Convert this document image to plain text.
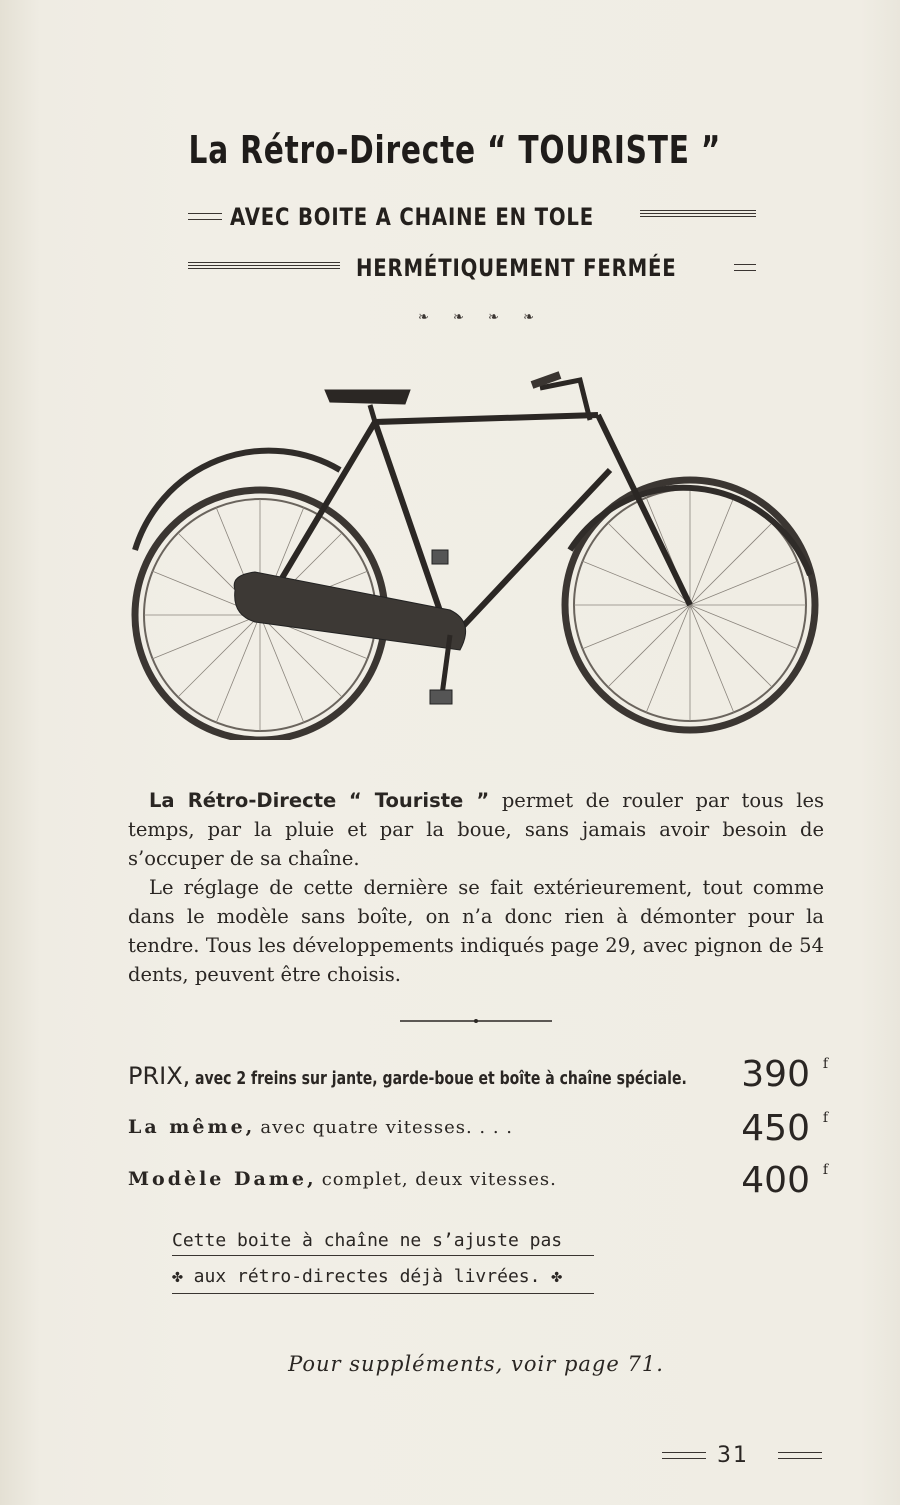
La Rétro-Directe “ TOURISTE ”
AVEC BOITE A CHAINE EN TOLE
HERMÉTIQUEMENT FERMÉE
❧ ❧ ❧ ❧
La Rétro-Directe “ Touriste ” permet de rouler par tous les temps, par la pluie et par la boue, sans jamais avoir besoin de s’occuper de sa chaîne.
Le réglage de cette dernière se fait extérieurement, tout comme dans le modèle sans boîte, on n’a donc rien à démonter pour la tendre. Tous les développements indiqués page 29, avec pignon de 54 dents, peuvent être choisis.
PRIX, avec 2 freins sur jante, garde-boue et boîte à chaîne spéciale. 390 f
La même, avec quatre vitesses. . . .	450 f
Modèle Dame, complet, deux vitesses.	400 f
Cette boite à chaîne ne s’ajuste pas
✤ aux rétro-directes déjà livrées. ✤
Pour suppléments, voir page 71.
31
